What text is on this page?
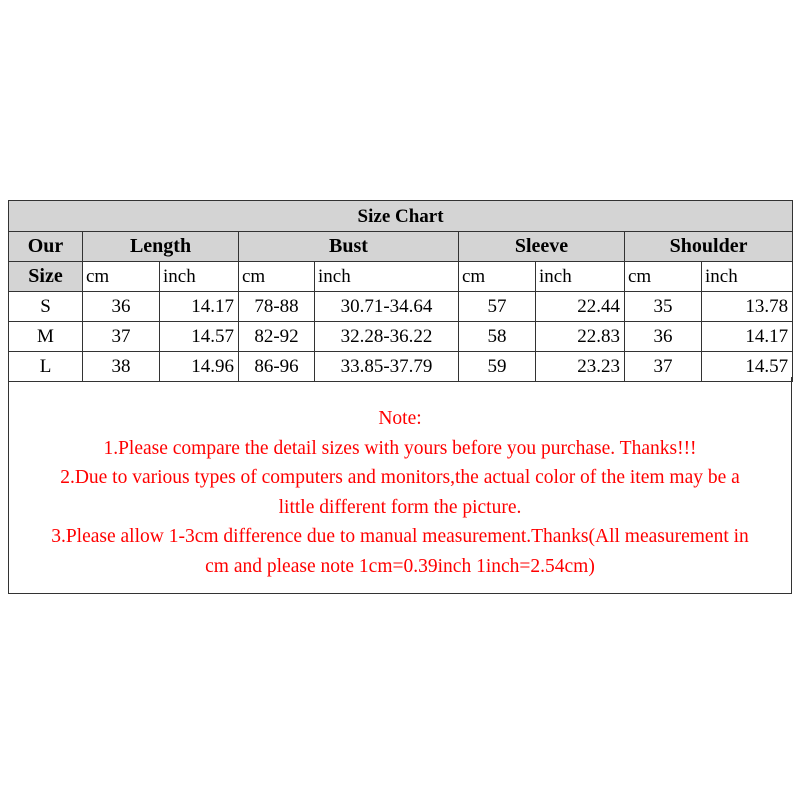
Size Chart								
Our	Length		Bust		Sleeve		Shoulder	
Size	cm	inch	cm	inch	cm	inch	cm	inch
S	36	14.17	78-88	30.71-34.64	57	22.44	35	13.78
M	37	14.57	82-92	32.28-36.22	58	22.83	36	14.17
L	38	14.96	86-96	33.85-37.79	59	23.23	37	14.57
Note:
1.Please compare the detail sizes with yours before you purchase. Thanks!!!
2.Due to various types of computers and monitors,the actual color of the item may be a
little different form the picture.
3.Please allow 1-3cm difference due to manual measurement.Thanks(All measurement in
cm and please note 1cm=0.39inch 1inch=2.54cm)
